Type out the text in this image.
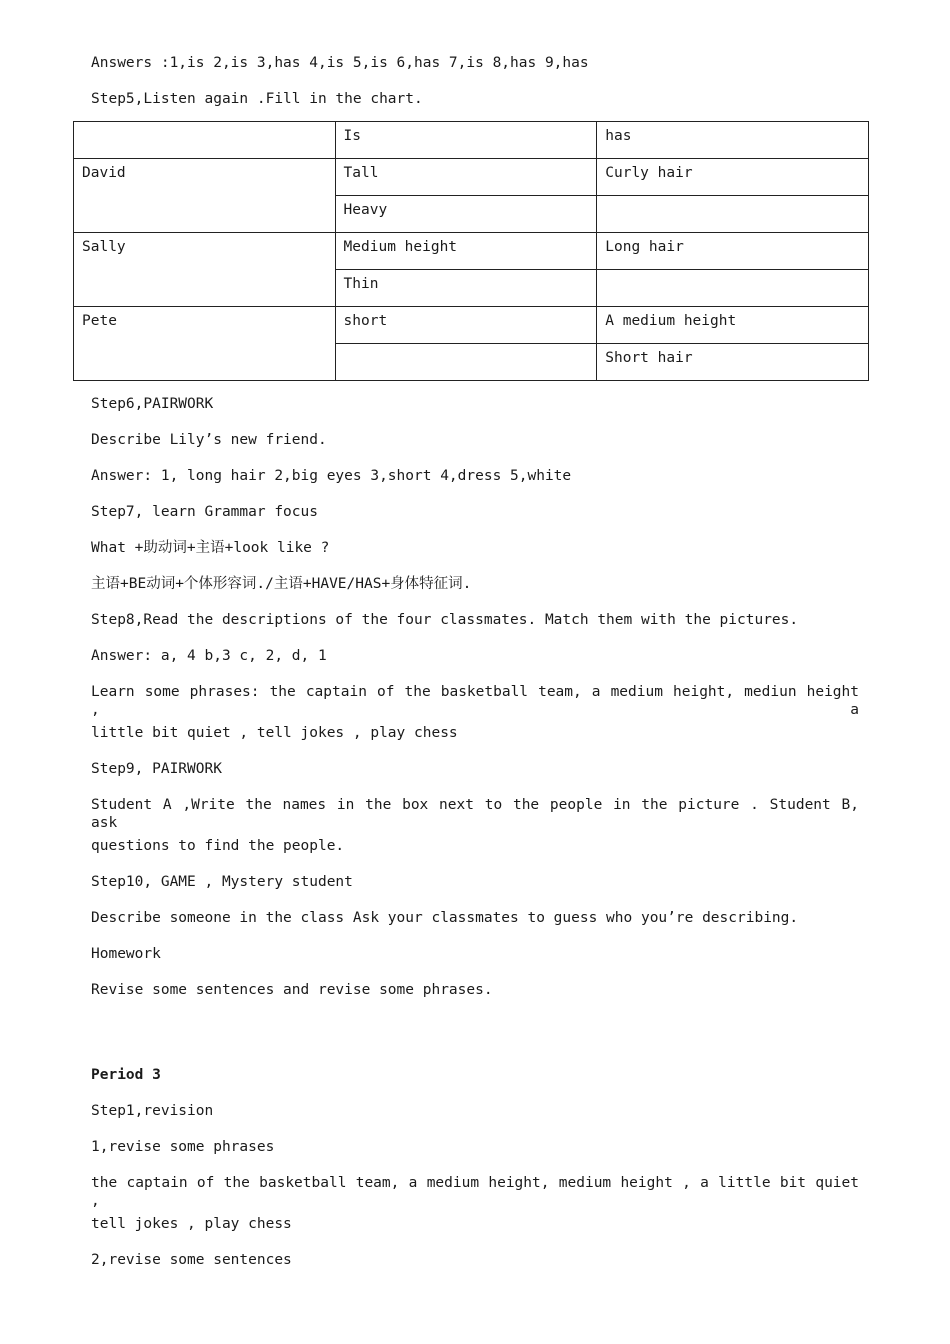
Answers :1,is 2,is 3,has 4,is 5,is 6,has 7,is 8,has 9,has
Step5,Listen again .Fill in the chart.
	Is	has
David	Tall	Curly hair
	Heavy	
Sally	Medium height	Long hair
	Thin	
Pete	short	A medium height
		Short hair
Step6,PAIRWORK
Describe Lily’s new friend.
Answer: 1, long hair 2,big eyes 3,short 4,dress 5,white
Step7, learn Grammar focus
What +助动词+主语+look like ?
主语+BE动词+个体形容词./主语+HAVE/HAS+身体特征词.
Step8,Read the descriptions of the four classmates. Match them with the pictures.
Answer: a, 4 b,3 c, 2, d, 1
Learn some phrases: the captain of the basketball team, a medium height, mediun height , a
little bit quiet , tell jokes , play chess
Step9, PAIRWORK
Student A ,Write the names in the box next to the people in the picture . Student B, ask
questions to find the people.
Step10, GAME , Mystery student
Describe someone in the class Ask your classmates to guess who you’re describing.
Homework
Revise some sentences and revise some phrases.
Period 3
Step1,revision
1,revise some phrases
the captain of the basketball team, a medium height, medium height , a little bit quiet ,
tell jokes , play chess
2,revise some sentences
